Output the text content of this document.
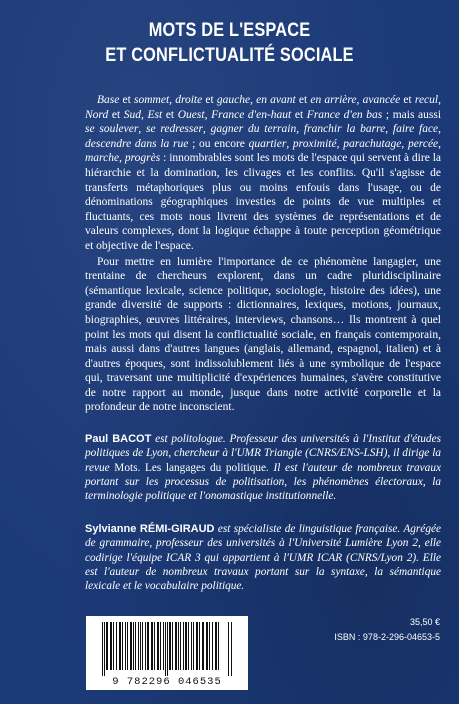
MOTS DE L'ESPACE
ET CONFLICTUALITÉ SOCIALE

Base et sommet, droite et gauche, en avant et en arrière, avancée et recul, Nord et Sud, Est et Ouest, France d'en-haut et France d'en bas ; mais aussi se soulever, se redresser, gagner du terrain, franchir la barre, faire face, descendre dans la rue ; ou encore quartier, proximité, parachutage, percée, marche, progrès : innombrables sont les mots de l'espace qui servent à dire la hiérarchie et la domination, les clivages et les conflits. Qu'il s'agisse de transferts métaphoriques plus ou moins enfouis dans l'usage, ou de dénominations géographiques investies de points de vue multiples et fluctuants, ces mots nous livrent des systèmes de représentations et de valeurs complexes, dont la logique échappe à toute perception géométrique et objective de l'espace.

Pour mettre en lumière l'importance de ce phénomène langagier, une trentaine de chercheurs explorent, dans un cadre pluridisciplinaire (sémantique lexicale, science politique, sociologie, histoire des idées), une grande diversité de supports : dictionnaires, lexiques, motions, journaux, biographies, œuvres littéraires, interviews, chansons… Ils montrent à quel point les mots qui disent la conflictualité sociale, en français contemporain, mais aussi dans d'autres langues (anglais, allemand, espagnol, italien) et à d'autres époques, sont indissolublement liés à une symbolique de l'espace qui, traversant une multiplicité d'expériences humaines, s'avère constitutive de notre rapport au monde, jusque dans notre activité corporelle et la profondeur de notre inconscient.

Paul BACOT est politologue. Professeur des universités à l'Institut d'études politiques de Lyon, chercheur à l'UMR Triangle (CNRS/ENS-LSH), il dirige la revue Mots. Les langages du politique. Il est l'auteur de nombreux travaux portant sur les processus de politisation, les phénomènes électoraux, la terminologie politique et l'onomastique institutionnelle.
Sylvianne RÉMI-GIRAUD est spécialiste de linguistique française. Agrégée de grammaire, professeur des universités à l'Université Lumière Lyon 2, elle codirige l'équipe ICAR 3 qui appartient à l'UMR ICAR (CNRS/Lyon 2). Elle est l'auteur de nombreux travaux portant sur la syntaxe, la sémantique lexicale et le vocabulaire politique.
9 782296 046535
35,50 €
ISBN : 978-2-296-04653-5
